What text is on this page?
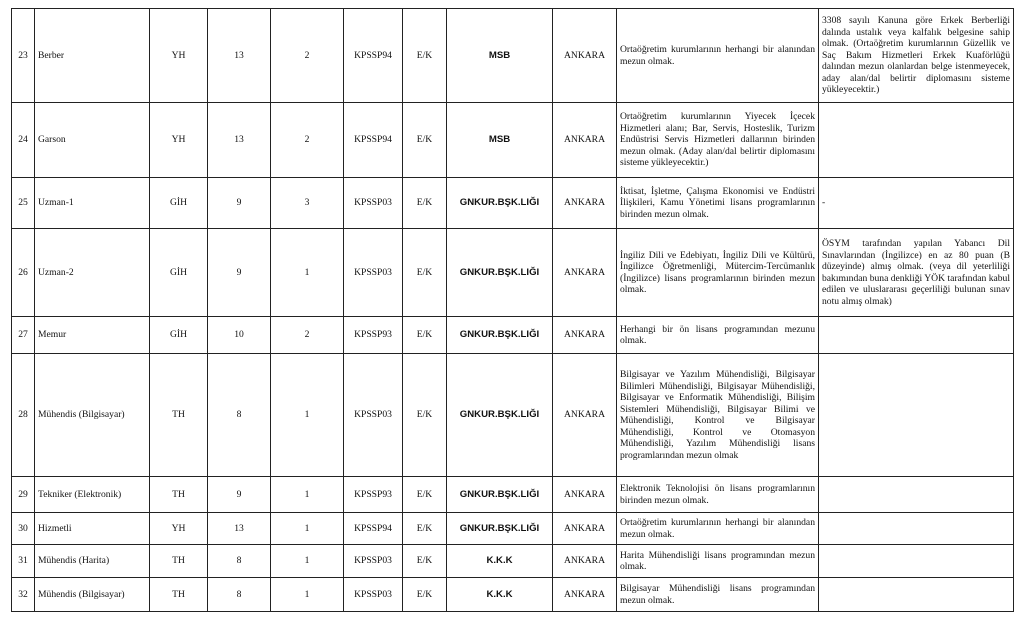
23	Berber	YH	13	2	KPSSP94	E/K	MSB	ANKARA	Ortaöğretim kurumlarının herhangi bir alanından mezun olmak.	3308 sayılı Kanuna göre Erkek Berberliği dalında ustalık veya kalfalık belgesine sahip olmak. (Ortaöğretim kurumlarının Güzellik ve Saç Bakım Hizmetleri Erkek Kuaförlüğü dalından mezun olanlardan belge istenmeyecek, aday alan/dal belirtir diplomasını sisteme yükleyecektir.)
24	Garson	YH	13	2	KPSSP94	E/K	MSB	ANKARA	Ortaöğretim kurumlarının Yiyecek İçecek Hizmetleri alanı; Bar, Servis, Hosteslik, Turizm Endüstrisi Servis Hizmetleri dallarının birinden mezun olmak. (Aday alan/dal belirtir diplomasını sisteme yükleyecektir.)	
25	Uzman-1	GİH	9	3	KPSSP03	E/K	GNKUR.BŞK.LIĞI	ANKARA	İktisat, İşletme, Çalışma Ekonomisi ve Endüstri İlişkileri, Kamu Yönetimi lisans programlarının birinden mezun olmak.	-
26	Uzman-2	GİH	9	1	KPSSP03	E/K	GNKUR.BŞK.LIĞI	ANKARA	İngiliz Dili ve Edebiyatı, İngiliz Dili ve Kültürü, İngilizce Öğretmenliği, Mütercim-Tercümanlık (İngilizce) lisans programlarının birinden mezun olmak.	ÖSYM tarafından yapılan Yabancı Dil Sınavlarından (İngilizce) en az 80 puan (B düzeyinde) almış olmak. (veya dil yeterliliği bakımından buna denkliği YÖK tarafından kabul edilen ve uluslararası geçerliliği bulunan sınav notu almış olmak)
27	Memur	GİH	10	2	KPSSP93	E/K	GNKUR.BŞK.LIĞI	ANKARA	Herhangi bir ön lisans programından mezunu olmak.	
28	Mühendis (Bilgisayar)	TH	8	1	KPSSP03	E/K	GNKUR.BŞK.LIĞI	ANKARA	Bilgisayar ve Yazılım Mühendisliği, Bilgisayar Bilimleri Mühendisliği, Bilgisayar Mühendisliği, Bilgisayar ve Enformatik Mühendisliği, Bilişim Sistemleri Mühendisliği, Bilgisayar Bilimi ve Mühendisliği, Kontrol ve Bilgisayar Mühendisliği, Kontrol ve Otomasyon Mühendisliği, Yazılım Mühendisliği lisans programlarından mezun olmak	
29	Tekniker (Elektronik)	TH	9	1	KPSSP93	E/K	GNKUR.BŞK.LIĞI	ANKARA	Elektronik Teknolojisi ön lisans programlarının birinden mezun olmak.	
30	Hizmetli	YH	13	1	KPSSP94	E/K	GNKUR.BŞK.LIĞI	ANKARA	Ortaöğretim kurumlarının herhangi bir alanından mezun olmak.	
31	Mühendis (Harita)	TH	8	1	KPSSP03	E/K	K.K.K	ANKARA	Harita Mühendisliği lisans programından mezun olmak.	
32	Mühendis (Bilgisayar)	TH	8	1	KPSSP03	E/K	K.K.K	ANKARA	Bilgisayar Mühendisliği lisans programından mezun olmak.	
